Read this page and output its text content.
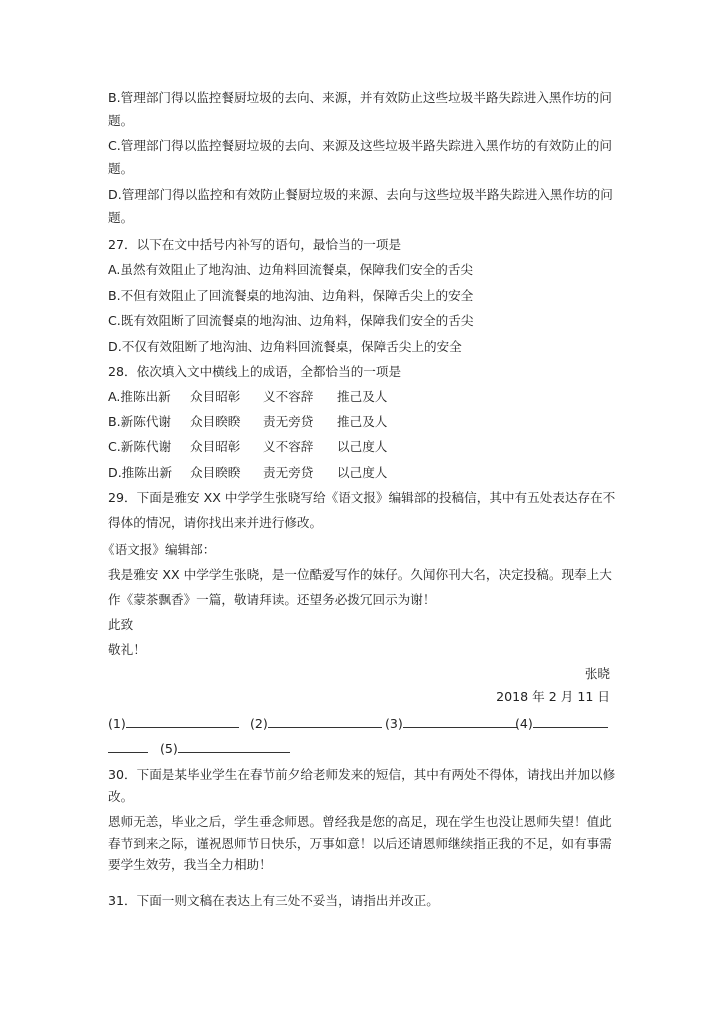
B.管理部门得以监控餐厨垃圾的去向、来源，并有效防止这些垃圾半路失踪进入黑作坊的问
题。
C.管理部门得以监控餐厨垃圾的去向、来源及这些垃圾半路失踪进入黑作坊的有效防止的问
题。
D.管理部门得以监控和有效防止餐厨垃圾的来源、去向与这些垃圾半路失踪进入黑作坊的问
题。
27．以下在文中括号内补写的语句，最恰当的一项是
A.虽然有效阻止了地沟油、边角料回流餐桌，保障我们安全的舌尖
B.不但有效阻止了回流餐桌的地沟油、边角料，保障舌尖上的安全
C.既有效阻断了回流餐桌的地沟油、边角料，保障我们安全的舌尖
D.不仅有效阻断了地沟油、边角料回流餐桌，保障舌尖上的安全
28．依次填入文中横线上的成语，全都恰当的一项是
A.推陈出新 众目昭彰 义不容辞 推己及人
B.新陈代谢 众目睽睽 责无旁贷 推己及人
C.新陈代谢 众目昭彰 义不容辞 以己度人
D.推陈出新 众目睽睽 责无旁贷 以己度人
29．下面是雅安 XX 中学学生张晓写给《语文报》编辑部的投稿信，其中有五处表达存在不
得体的情况，请你找出来并进行修改。
《语文报》编辑部：
我是雅安 XX 中学学生张晓，是一位酷爱写作的妹仔。久闻你刊大名，决定投稿。现奉上大
作《蒙茶飘香》一篇，敬请拜读。还望务必拨冗回示为谢！
此致
敬礼！
张晓
2018 年 2 月 11 日
(1)	(2)	(3)	(4)
(5)
30．下面是某毕业学生在春节前夕给老师发来的短信，其中有两处不得体，请找出并加以修
改。
恩师无恙，毕业之后，学生垂念师恩。曾经我是您的高足，现在学生也没让恩师失望！值此
春节到来之际，谨祝恩师节日快乐，万事如意！以后还请恩师继续指正我的不足，如有事需
要学生效劳，我当全力相助！
31．下面一则文稿在表达上有三处不妥当，请指出并改正。
